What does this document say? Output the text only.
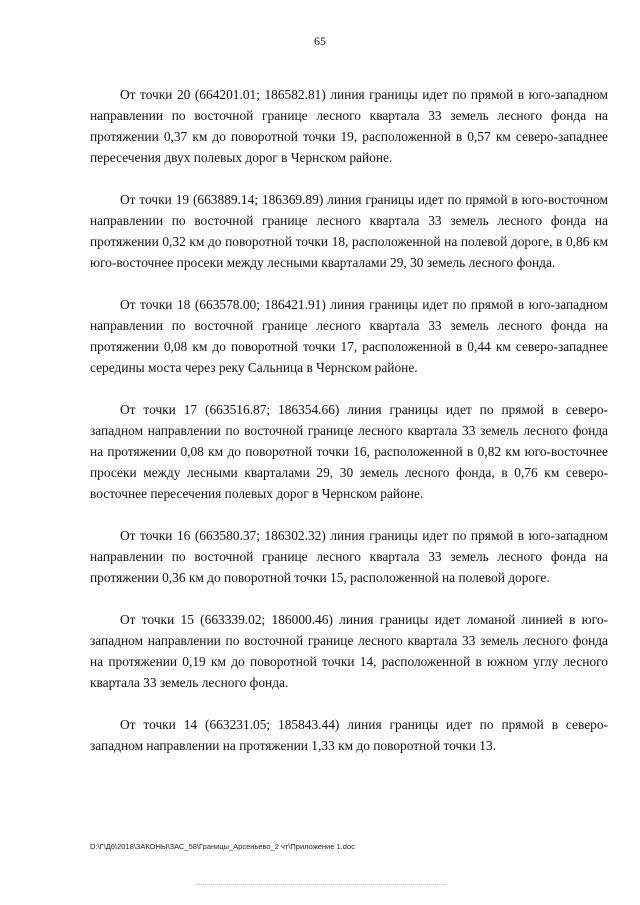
65

От точки 20 (664201.01; 186582.81) линия границы идет по прямой в юго-западном направлении по восточной границе лесного квартала 33 земель лесного фонда на протяжении 0,37 км до поворотной точки 19, расположенной в 0,57 км северо-западнее пересечения двух полевых дорог в Чернском районе.

От точки 19 (663889.14; 186369.89) линия границы идет по прямой в юго-восточном направлении по восточной границе лесного квартала 33 земель лесного фонда на протяжении 0,32 км до поворотной точки 18, расположенной на полевой дороге, в 0,86 км юго-восточнее просеки между лесными кварталами 29, 30 земель лесного фонда.

От точки 18 (663578.00; 186421.91) линия границы идет по прямой в юго-западном направлении по восточной границе лесного квартала 33 земель лесного фонда на протяжении 0,08 км до поворотной точки 17, расположенной в 0,44 км северо-западнее середины моста через реку Сальница в Чернском районе.

От точки 17 (663516.87; 186354.66) линия границы идет по прямой в северо-западном направлении по восточной границе лесного квартала 33 земель лесного фонда на протяжении 0,08 км до поворотной точки 16, расположенной в 0,82 км юго-восточнее просеки между лесными кварталами 29, 30 земель лесного фонда, в 0,76 км северо-восточнее пересечения полевых дорог в Чернском районе.

От точки 16 (663580.37; 186302.32) линия границы идет по прямой в юго-западном направлении по восточной границе лесного квартала 33 земель лесного фонда на протяжении 0,36 км до поворотной точки 15, расположенной на полевой дороге.

От точки 15 (663339.02; 186000.46) линия границы идет ломаной линией в юго-западном направлении по восточной границе лесного квартала 33 земель лесного фонда на протяжении 0,19 км до поворотной точки 14, расположенной в южном углу лесного квартала 33 земель лесного фонда.

От точки 14 (663231.05; 185843.44) линия границы идет по прямой в северо-западном направлении на протяжении 1,33 км до поворотной точки 13.

D:\Г\Д6\2018\ЗАКОНЫ\ЗАС_58\Границы_Арсеньево_2 чт\Приложение 1.doc
